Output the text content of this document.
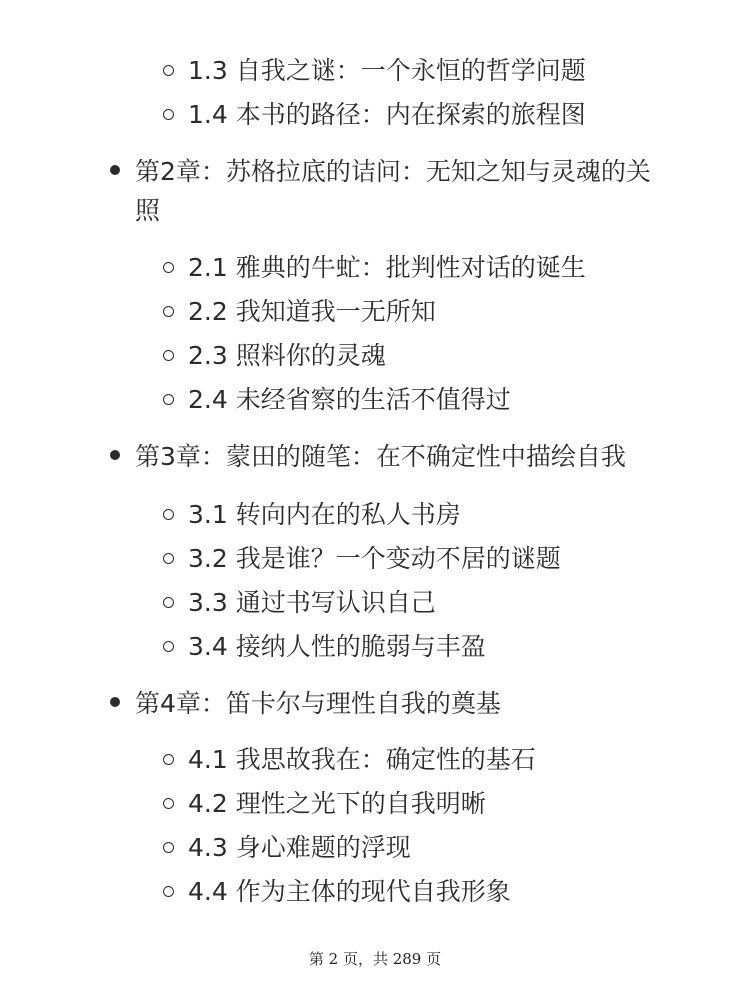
1.3 自我之谜：一个永恒的哲学问题
1.4 本书的路径：内在探索的旅程图
第2章：苏格拉底的诘问：无知之知与灵魂的关照
2.1 雅典的牛虻：批判性对话的诞生
2.2 我知道我一无所知
2.3 照料你的灵魂
2.4 未经省察的生活不值得过
第3章：蒙田的随笔：在不确定性中描绘自我
3.1 转向内在的私人书房
3.2 我是谁？一个变动不居的谜题
3.3 通过书写认识自己
3.4 接纳人性的脆弱与丰盈
第4章：笛卡尔与理性自我的奠基
4.1 我思故我在：确定性的基石
4.2 理性之光下的自我明晰
4.3 身心难题的浮现
4.4 作为主体的现代自我形象
第 2 页，共 289 页
